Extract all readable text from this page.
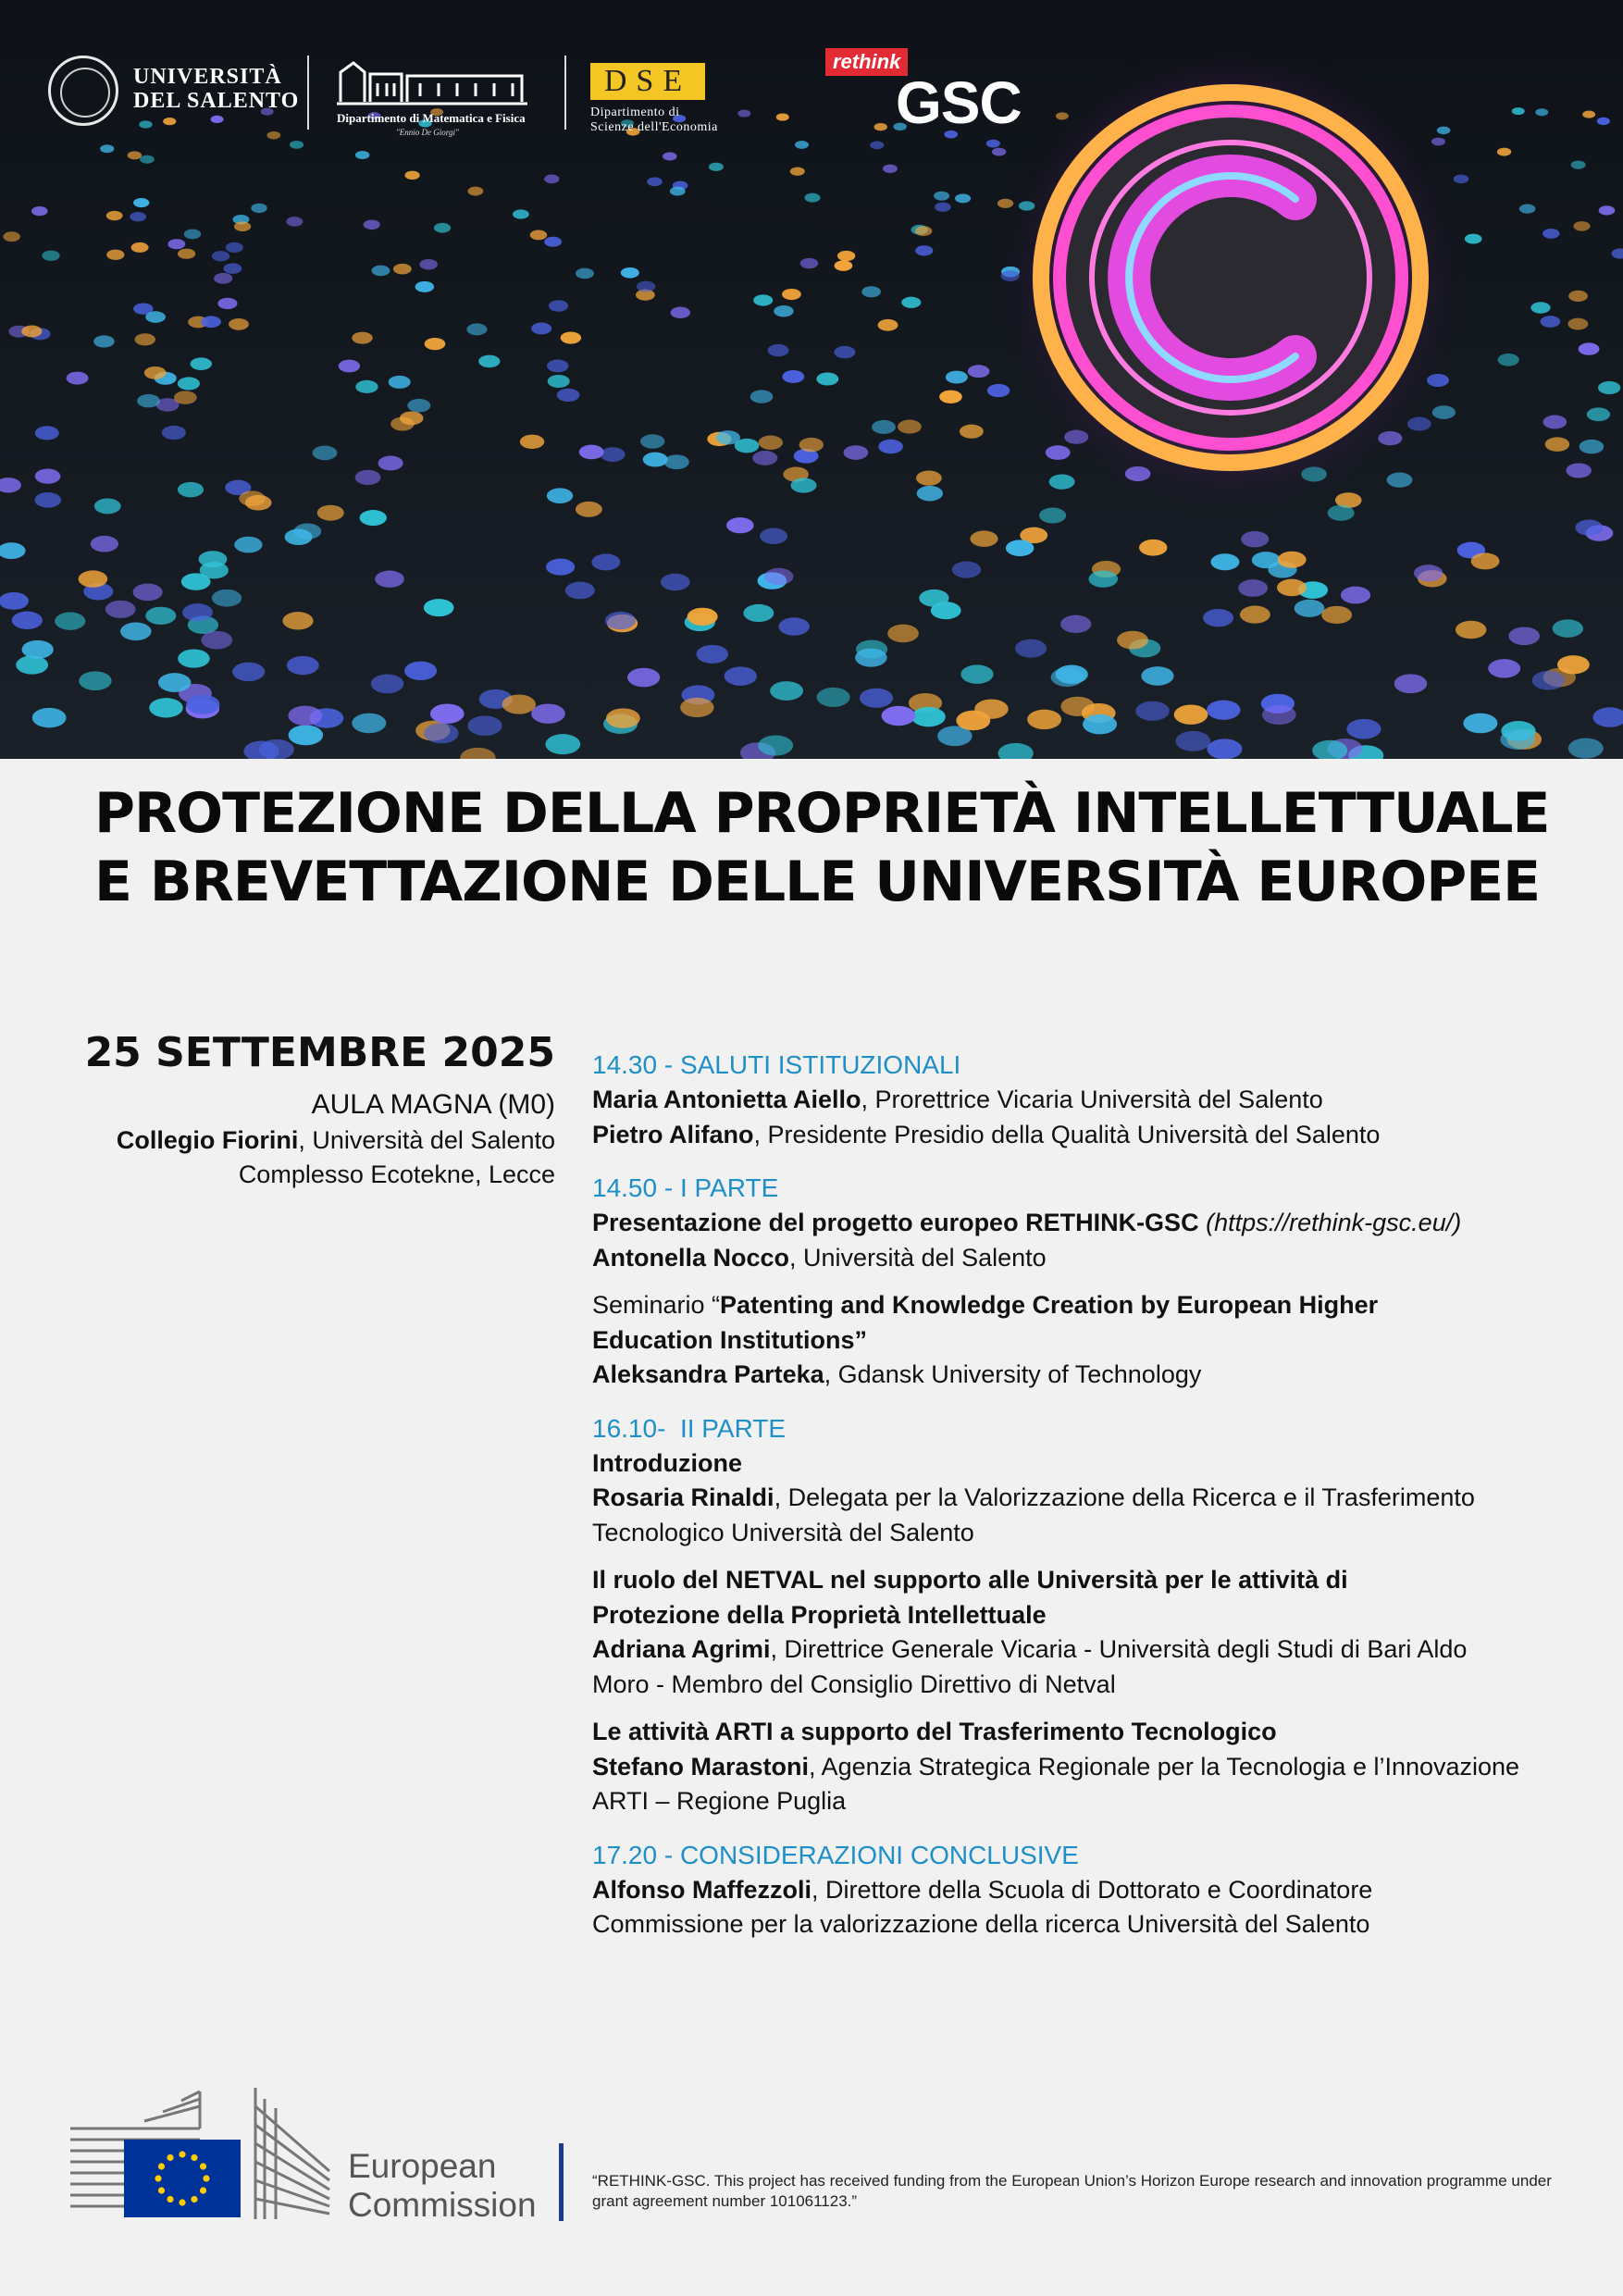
UNIVERSITÀ
DEL SALENTO
Dipartimento di Matematica e Fisica
"Ennio De Giorgi"
DSE
Dipartimento di
Scienze dell'Economia
rethink
GSC
PROTEZIONE DELLA PROPRIETÀ INTELLETTUALE
E BREVETTAZIONE DELLE UNIVERSITÀ EUROPEE
25 SETTEMBRE 2025
AULA MAGNA (M0)
Collegio Fiorini, Università del Salento
Complesso Ecotekne, Lecce
14.30 - SALUTI ISTITUZIONALI
Maria Antonietta Aiello, Prorettrice Vicaria Università del Salento
Pietro Alifano, Presidente Presidio della Qualità Università del Salento
14.50 - I PARTE
Presentazione del progetto europeo RETHINK-GSC (https://rethink-gsc.eu/)
Antonella Nocco, Università del Salento
Seminario “Patenting and Knowledge Creation by European Higher
Education Institutions”
Aleksandra Parteka, Gdansk University of Technology
16.10-  II PARTE
Introduzione
Rosaria Rinaldi, Delegata per la Valorizzazione della Ricerca e il Trasferimento
Tecnologico Università del Salento
Il ruolo del NETVAL nel supporto alle Università per le attività di
Protezione della Proprietà Intellettuale
Adriana Agrimi, Direttrice Generale Vicaria - Università degli Studi di Bari Aldo
Moro - Membro del Consiglio Direttivo di Netval
Le attività ARTI a supporto del Trasferimento Tecnologico
Stefano Marastoni, Agenzia Strategica Regionale per la Tecnologia e l’Innovazione
ARTI – Regione Puglia
17.20 - CONSIDERAZIONI CONCLUSIVE
Alfonso Maffezzoli, Direttore della Scuola di Dottorato e Coordinatore
Commissione per la valorizzazione della ricerca Università del Salento
European
Commission
“RETHINK-GSC. This project has received funding from the European Union’s Horizon Europe research and innovation programme under grant agreement number 101061123.”
